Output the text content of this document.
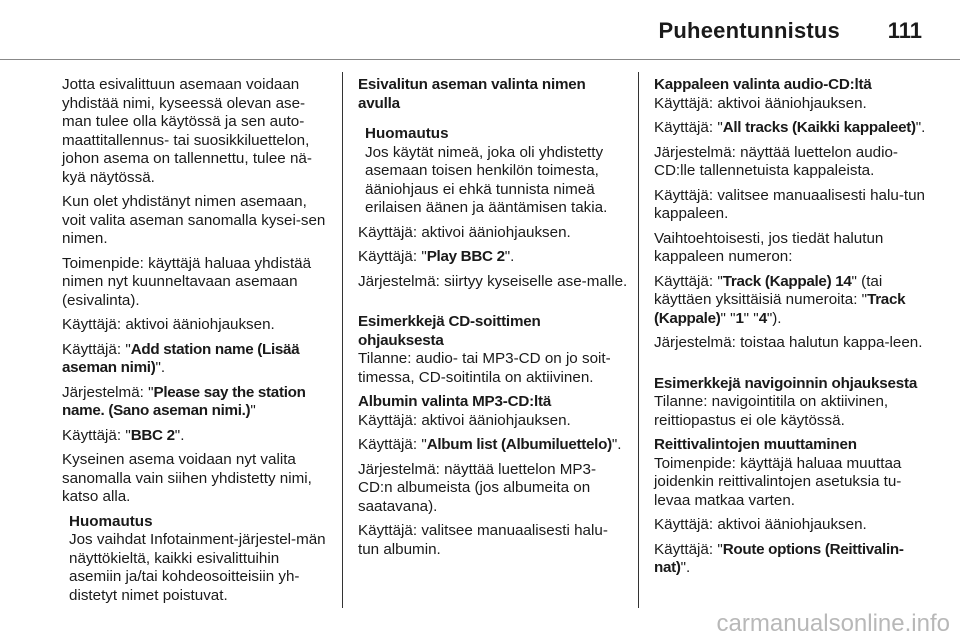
Puheentunnistus 111

Jotta esivalittuun asemaan voidaan yhdistää nimi, kyseessä olevan ase-man tulee olla käytössä ja sen auto-maattitallennus- tai suosikkiluettelon, johon asema on tallennettu, tulee nä-kyä näytössä.

Kun olet yhdistänyt nimen asemaan, voit valita aseman sanomalla kysei-sen nimen.

Toimenpide: käyttäjä haluaa yhdistää nimen nyt kuunneltavaan asemaan (esivalinta).

Käyttäjä: aktivoi ääniohjauksen.

Käyttäjä: "Add station name (Lisää aseman nimi)".

Järjestelmä: "Please say the station name. (Sano aseman nimi.)"

Käyttäjä: "BBC 2".

Kyseinen asema voidaan nyt valita sanomalla vain siihen yhdistetty nimi, katso alla.

Huomautus
Jos vaihdat Infotainment-järjestel-män näyttökieltä, kaikki esivalittuihin asemiin ja/tai kohdeosoitteisiin yh-distetyt nimet poistuvat.

Esivalitun aseman valinta nimen avulla

Huomautus
Jos käytät nimeä, joka oli yhdistetty asemaan toisen henkilön toimesta, ääniohjaus ei ehkä tunnista nimeä erilaisen äänen ja ääntämisen takia.

Käyttäjä: aktivoi ääniohjauksen.

Käyttäjä: "Play BBC 2".

Järjestelmä: siirtyy kyseiselle ase-malle.

Esimerkkejä CD-soittimen ohjauksesta

Tilanne: audio- tai MP3-CD on jo soit-timessa, CD-soitintila on aktiivinen.

Albumin valinta MP3-CD:ltä

Käyttäjä: aktivoi ääniohjauksen.

Käyttäjä: "Album list (Albumiluettelo)".

Järjestelmä: näyttää luettelon MP3-CD:n albumeista (jos albumeita on saatavana).

Käyttäjä: valitsee manuaalisesti halu-tun albumin.

Kappaleen valinta audio-CD:ltä

Käyttäjä: aktivoi ääniohjauksen.

Käyttäjä: "All tracks (Kaikki kappaleet)".

Järjestelmä: näyttää luettelon audio-CD:lle tallennetuista kappaleista.

Käyttäjä: valitsee manuaalisesti halu-tun kappaleen.

Vaihtoehtoisesti, jos tiedät halutun kappaleen numeron:

Käyttäjä: "Track (Kappale) 14" (tai käyttäen yksittäisiä numeroita: "Track (Kappale)" "1" "4").

Järjestelmä: toistaa halutun kappa-leen.

Esimerkkejä navigoinnin ohjauksesta

Tilanne: navigointitila on aktiivinen, reittiopastus ei ole käytössä.

Reittivalintojen muuttaminen

Toimenpide: käyttäjä haluaa muuttaa joidenkin reittivalintojen asetuksia tu-levaa matkaa varten.

Käyttäjä: aktivoi ääniohjauksen.

Käyttäjä: "Route options (Reittivalin-nat)".

carmanualsonline.info
